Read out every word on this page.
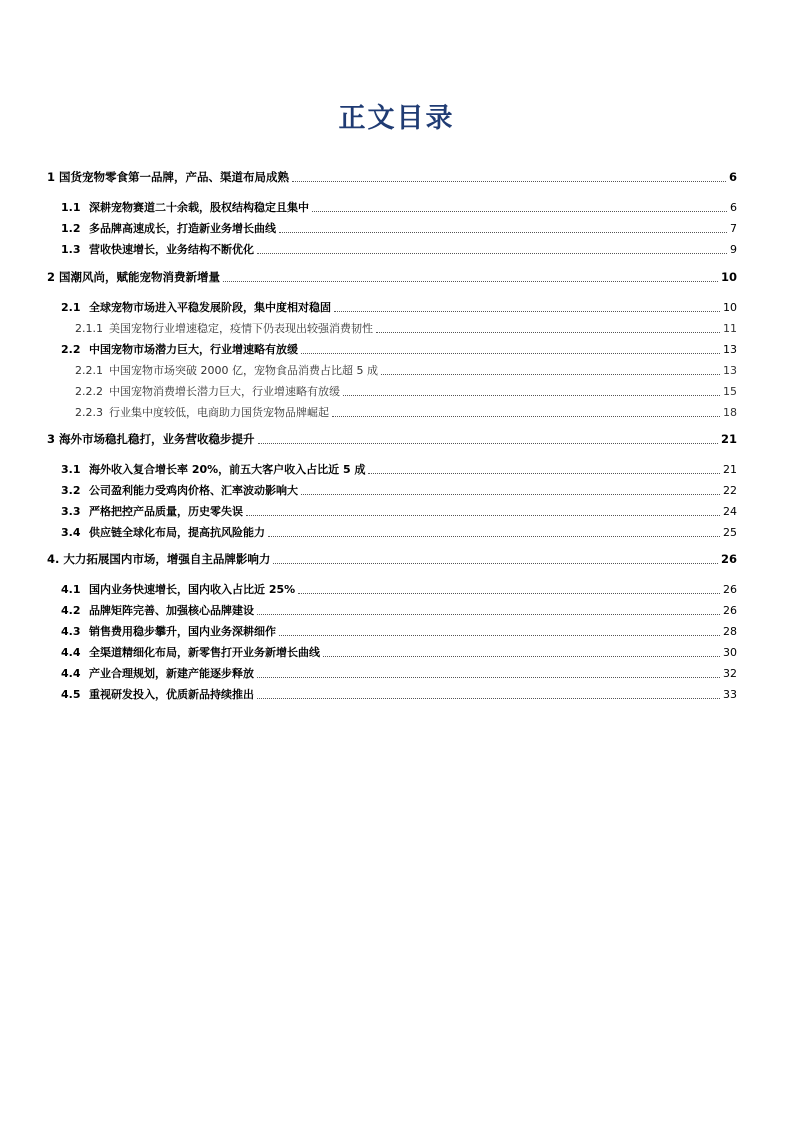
正文目录
1 国货宠物零食第一品牌，产品、渠道布局成熟	6
1.1 深耕宠物赛道二十余载，股权结构稳定且集中	6
1.2 多品牌高速成长，打造新业务增长曲线	7
1.3 营收快速增长，业务结构不断优化	9
2 国潮风尚，赋能宠物消费新增量	10
2.1 全球宠物市场进入平稳发展阶段，集中度相对稳固	10
2.1.1 美国宠物行业增速稳定，疫情下仍表现出较强消费韧性	11
2.2 中国宠物市场潜力巨大，行业增速略有放缓	13
2.2.1 中国宠物市场突破 2000 亿，宠物食品消费占比超 5 成	13
2.2.2 中国宠物消费增长潜力巨大，行业增速略有放缓	15
2.2.3 行业集中度较低，电商助力国货宠物品牌崛起	18
3 海外市场稳扎稳打，业务营收稳步提升	21
3.1 海外收入复合增长率 20%，前五大客户收入占比近 5 成	21
3.2 公司盈利能力受鸡肉价格、汇率波动影响大	22
3.3 严格把控产品质量，历史零失误	24
3.4 供应链全球化布局，提高抗风险能力	25
4. 大力拓展国内市场，增强自主品牌影响力	26
4.1 国内业务快速增长，国内收入占比近 25%	26
4.2 品牌矩阵完善、加强核心品牌建设	26
4.3 销售费用稳步攀升，国内业务深耕细作	28
4.4 全渠道精细化布局，新零售打开业务新增长曲线	30
4.4 产业合理规划，新建产能逐步释放	32
4.5 重视研发投入，优质新品持续推出	33
